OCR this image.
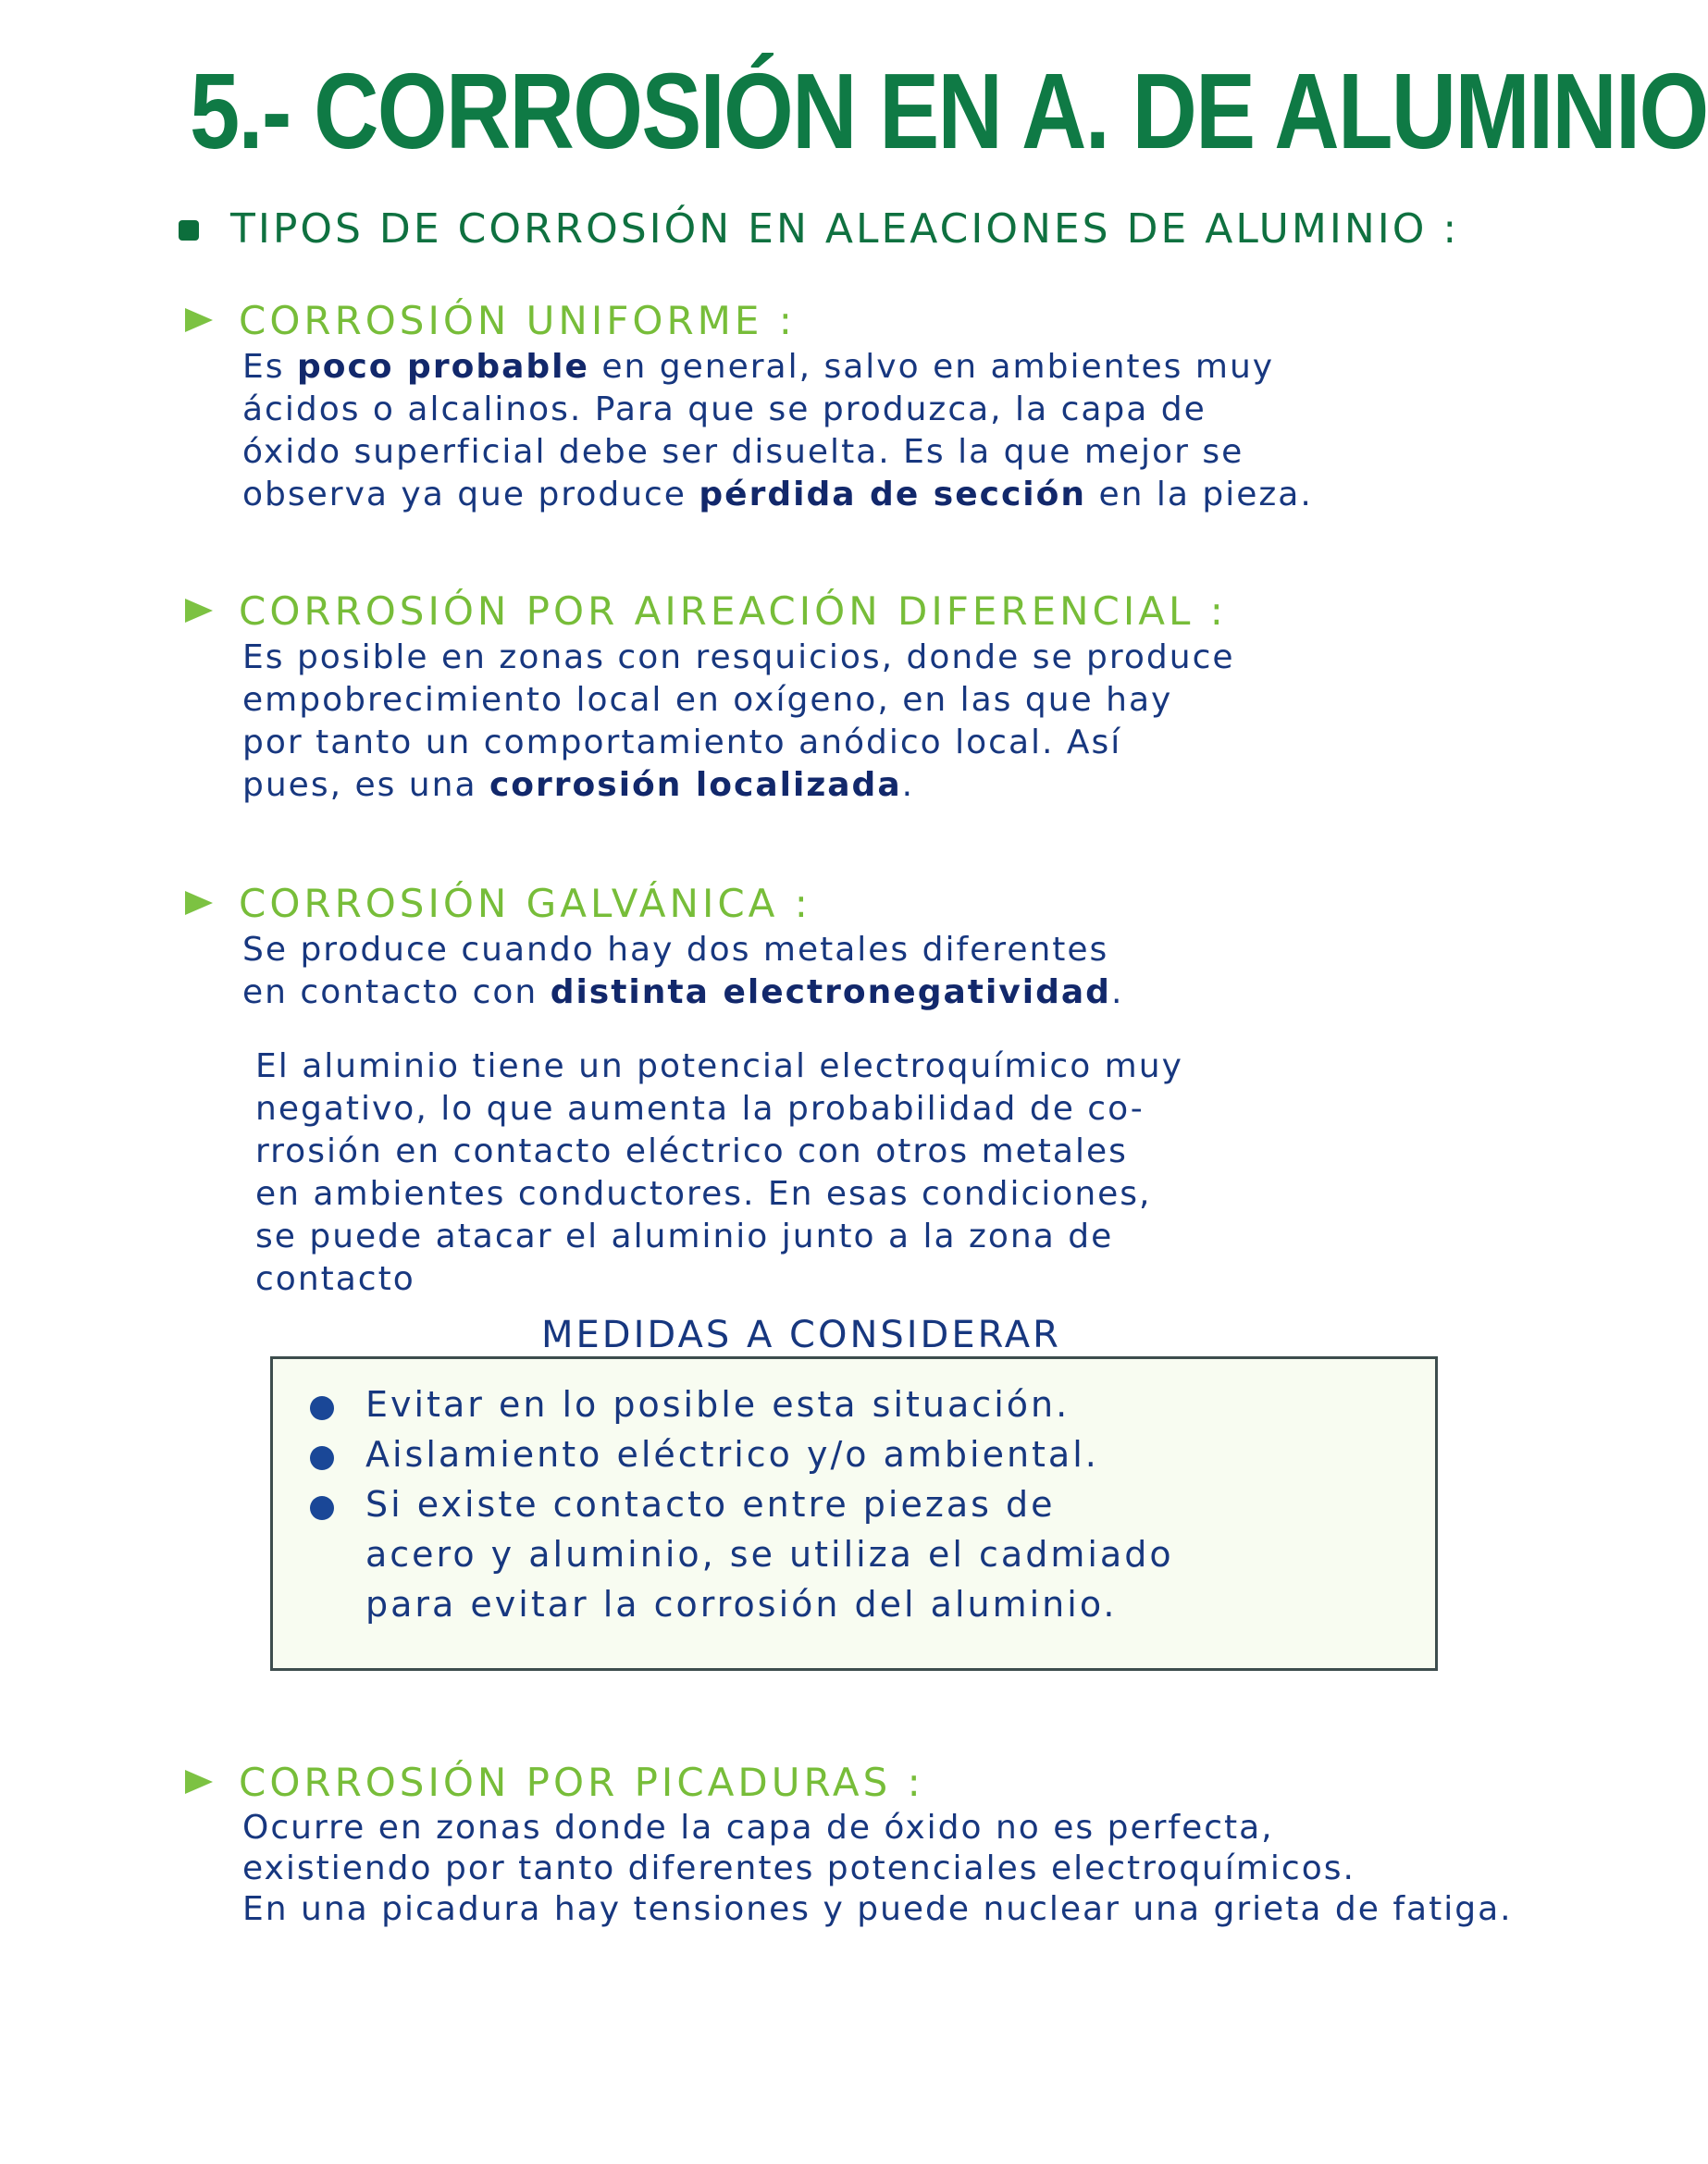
5.- CORROSIÓN EN A. DE ALUMINIO
TIPOS DE CORROSIÓN EN ALEACIONES DE ALUMINIO :
CORROSIÓN UNIFORME :
Es poco probable en general, salvo en ambientes muy
ácidos o alcalinos. Para que se produzca, la capa de
óxido superficial debe ser disuelta. Es la que mejor se
observa ya que produce pérdida de sección en la pieza.
CORROSIÓN POR AIREACIÓN DIFERENCIAL :
Es posible en zonas con resquicios, donde se produce
empobrecimiento local en oxígeno, en las que hay
por tanto un comportamiento anódico local. Así
pues, es una corrosión localizada.
CORROSIÓN GALVÁNICA :
Se produce cuando hay dos metales diferentes
en contacto con distinta electronegatividad.
El aluminio tiene un potencial electroquímico muy
negativo, lo que aumenta la probabilidad de co-
rrosión en contacto eléctrico con otros metales
en ambientes conductores. En esas condiciones,
se puede atacar el aluminio junto a la zona de
contacto
MEDIDAS A CONSIDERAR
Evitar en lo posible esta situación.
Aislamiento eléctrico y/o ambiental.
Si existe contacto entre piezas de
acero y aluminio, se utiliza el cadmiado
para evitar la corrosión del aluminio.
CORROSIÓN POR PICADURAS :
Ocurre en zonas donde la capa de óxido no es perfecta,
existiendo por tanto diferentes potenciales electroquímicos.
En una picadura hay tensiones y puede nuclear una grieta de fatiga.
